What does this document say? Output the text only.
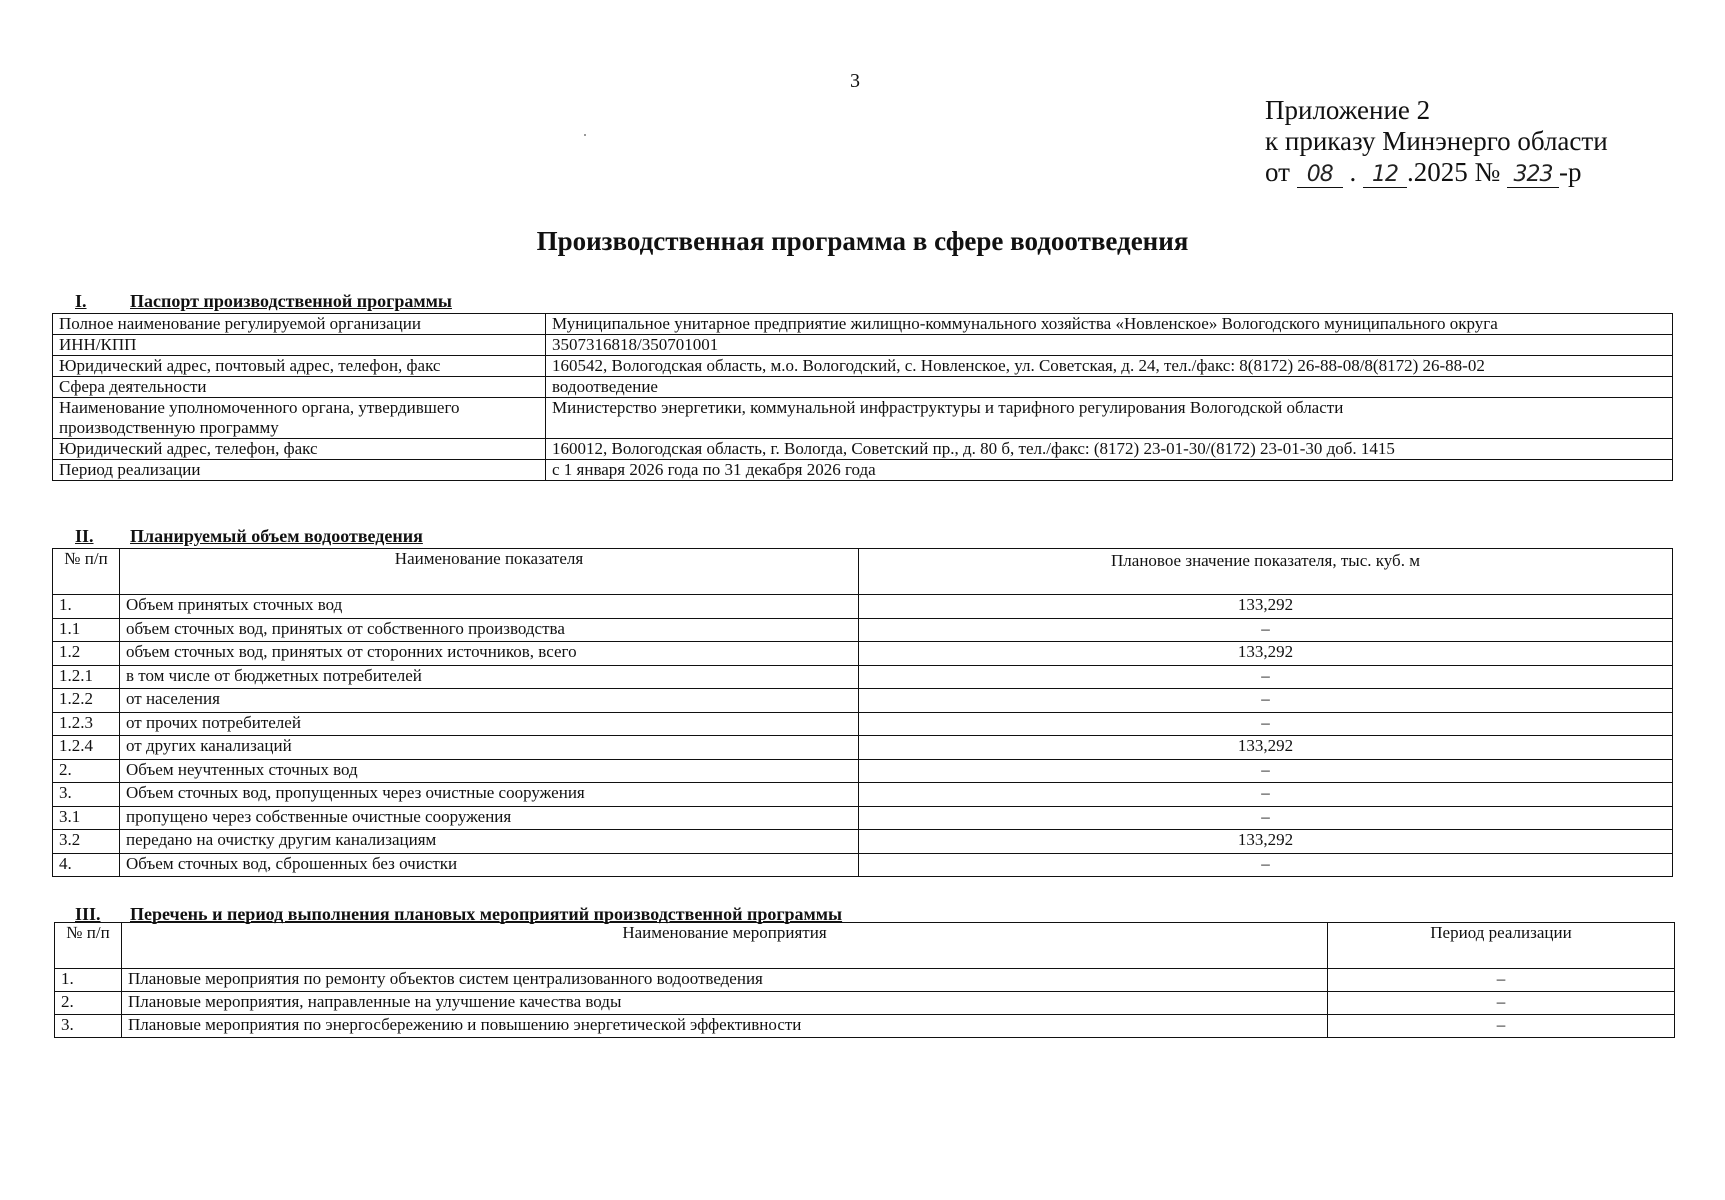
3
Приложение 2
к приказу Минэнерго области
от 08 . 12 .2025 № 323 -р
Производственная программа в сфере водоотведения
I. Паспорт производственной программы
Полное наименование регулируемой организации	Муниципальное унитарное предприятие жилищно-коммунального хозяйства «Новленское» Вологодского муниципального округа
ИНН/КПП	3507316818/350701001
Юридический адрес, почтовый адрес, телефон, факс	160542, Вологодская область, м.о. Вологодский, с. Новленское, ул. Советская, д. 24, тел./факс: 8(8172) 26-88-08/8(8172) 26-88-02
Сфера деятельности	водоотведение
Наименование уполномоченного органа, утвердившего производственную программу	Министерство энергетики, коммунальной инфраструктуры и тарифного регулирования Вологодской области
Юридический адрес, телефон, факс	160012, Вологодская область, г. Вологда, Советский пр., д. 80 б, тел./факс: (8172) 23-01-30/(8172) 23-01-30 доб. 1415
Период реализации	с 1 января 2026 года по 31 декабря 2026 года
II. Планируемый объем водоотведения
№ п/п	Наименование показателя	Плановое значение показателя, тыс. куб. м
1.	Объем принятых сточных вод	133,292
1.1	объем сточных вод, принятых от собственного производства	–
1.2	объем сточных вод, принятых от сторонних источников, всего	133,292
1.2.1	в том числе от бюджетных потребителей	–
1.2.2	от населения	–
1.2.3	от прочих потребителей	–
1.2.4	от других канализаций	133,292
2.	Объем неучтенных сточных вод	–
3.	Объем сточных вод, пропущенных через очистные сооружения	–
3.1	пропущено через собственные очистные сооружения	–
3.2	передано на очистку другим канализациям	133,292
4.	Объем сточных вод, сброшенных без очистки	–
III. Перечень и период выполнения плановых мероприятий производственной программы
№ п/п	Наименование мероприятия	Период реализации
1.	Плановые мероприятия по ремонту объектов систем централизованного водоотведения	–
2.	Плановые мероприятия, направленные на улучшение качества воды	–
3.	Плановые мероприятия по энергосбережению и повышению энергетической эффективности	–
